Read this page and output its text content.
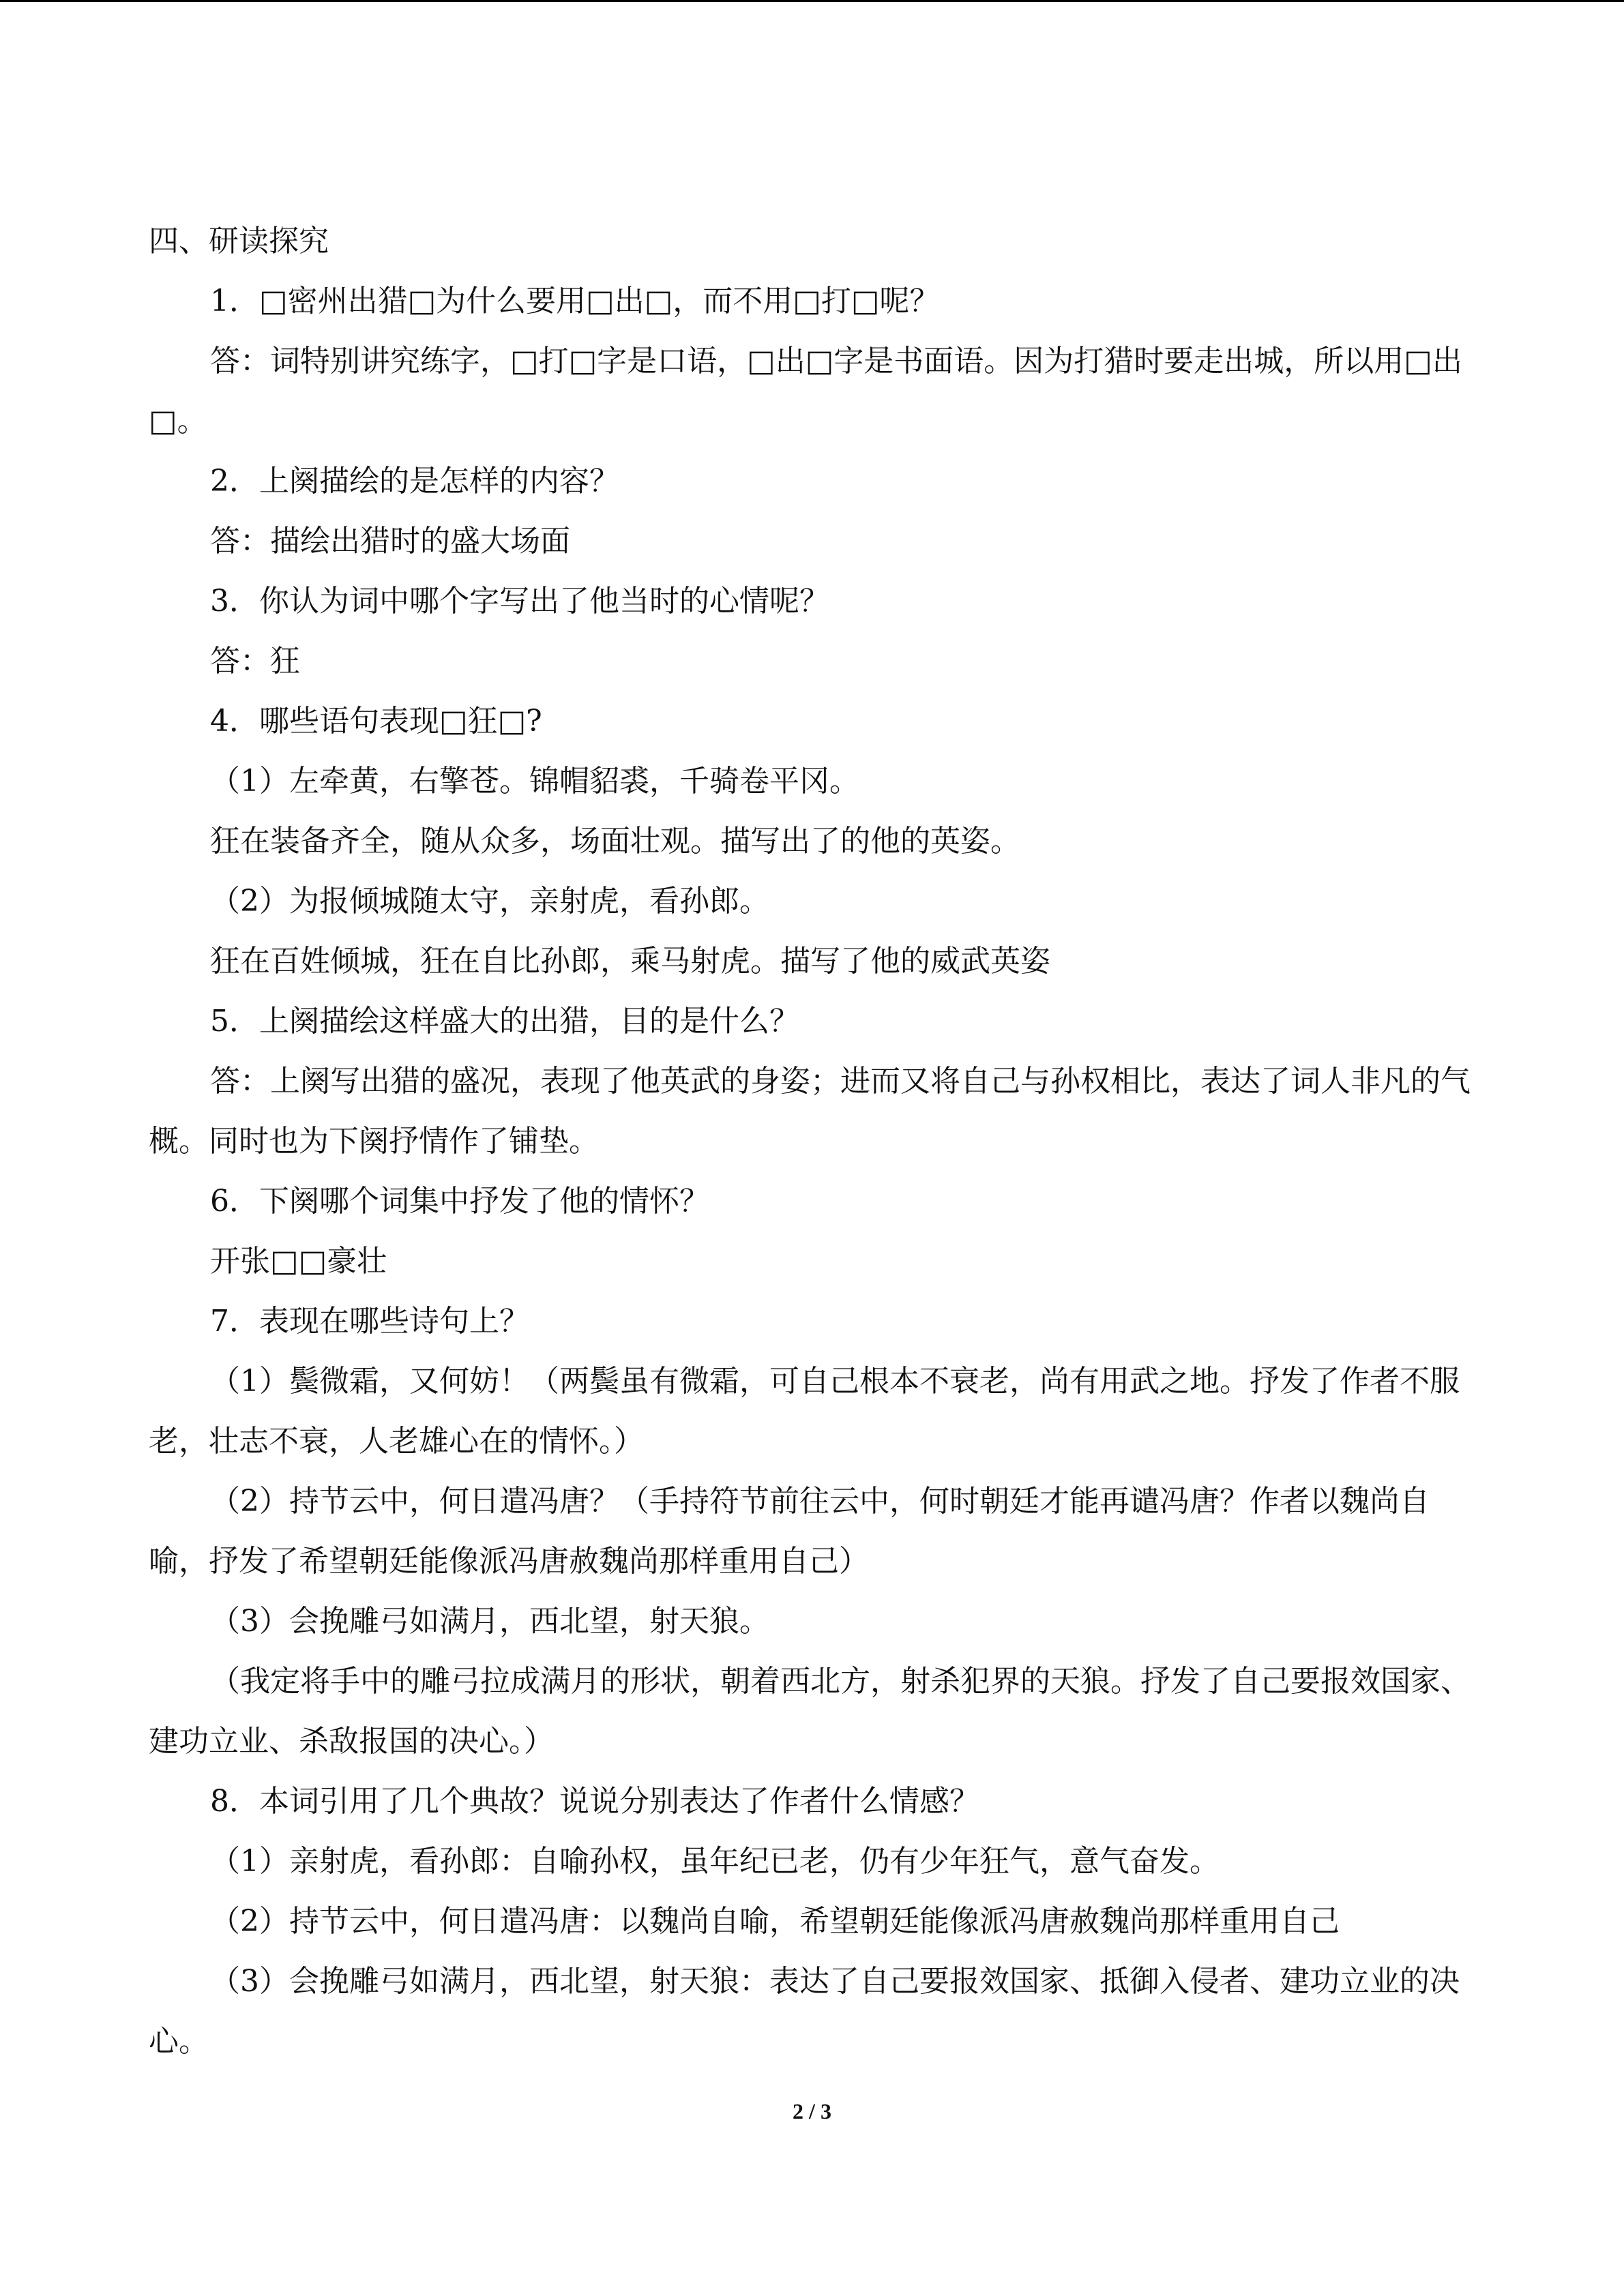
四、研读探究
1．□密州出猎□为什么要用□出□，而不用□打□呢？
答：词特别讲究练字，□打□字是口语，□出□字是书面语。因为打猎时要走出城，所以用□出□。
2．上阕描绘的是怎样的内容？
答：描绘出猎时的盛大场面
3．你认为词中哪个字写出了他当时的心情呢？
答：狂
4．哪些语句表现□狂□?
（1）左牵黄，右擎苍。锦帽貂裘，千骑卷平冈。
狂在装备齐全，随从众多，场面壮观。描写出了的他的英姿。
（2）为报倾城随太守，亲射虎，看孙郎。
狂在百姓倾城，狂在自比孙郎，乘马射虎。描写了他的威武英姿
5．上阕描绘这样盛大的出猎，目的是什么？
答：上阕写出猎的盛况，表现了他英武的身姿；进而又将自己与孙权相比，表达了词人非凡的气概。同时也为下阕抒情作了铺垫。
6．下阕哪个词集中抒发了他的情怀？
开张□□豪壮
7．表现在哪些诗句上？
（1）鬓微霜，又何妨！（两鬓虽有微霜，可自己根本不衰老，尚有用武之地。抒发了作者不服老，壮志不衰，人老雄心在的情怀。）
（2）持节云中，何日遣冯唐？（手持符节前往云中，何时朝廷才能再谴冯唐？作者以魏尚自喻，抒发了希望朝廷能像派冯唐赦魏尚那样重用自己）
（3）会挽雕弓如满月，西北望，射天狼。
（我定将手中的雕弓拉成满月的形状，朝着西北方，射杀犯界的天狼。抒发了自己要报效国家、建功立业、杀敌报国的决心。）
8．本词引用了几个典故？说说分别表达了作者什么情感？
（1）亲射虎，看孙郎：自喻孙权，虽年纪已老，仍有少年狂气，意气奋发。
（2）持节云中，何日遣冯唐：以魏尚自喻，希望朝廷能像派冯唐赦魏尚那样重用自己
（3）会挽雕弓如满月，西北望，射天狼：表达了自己要报效国家、抵御入侵者、建功立业的决心。
2 / 3
